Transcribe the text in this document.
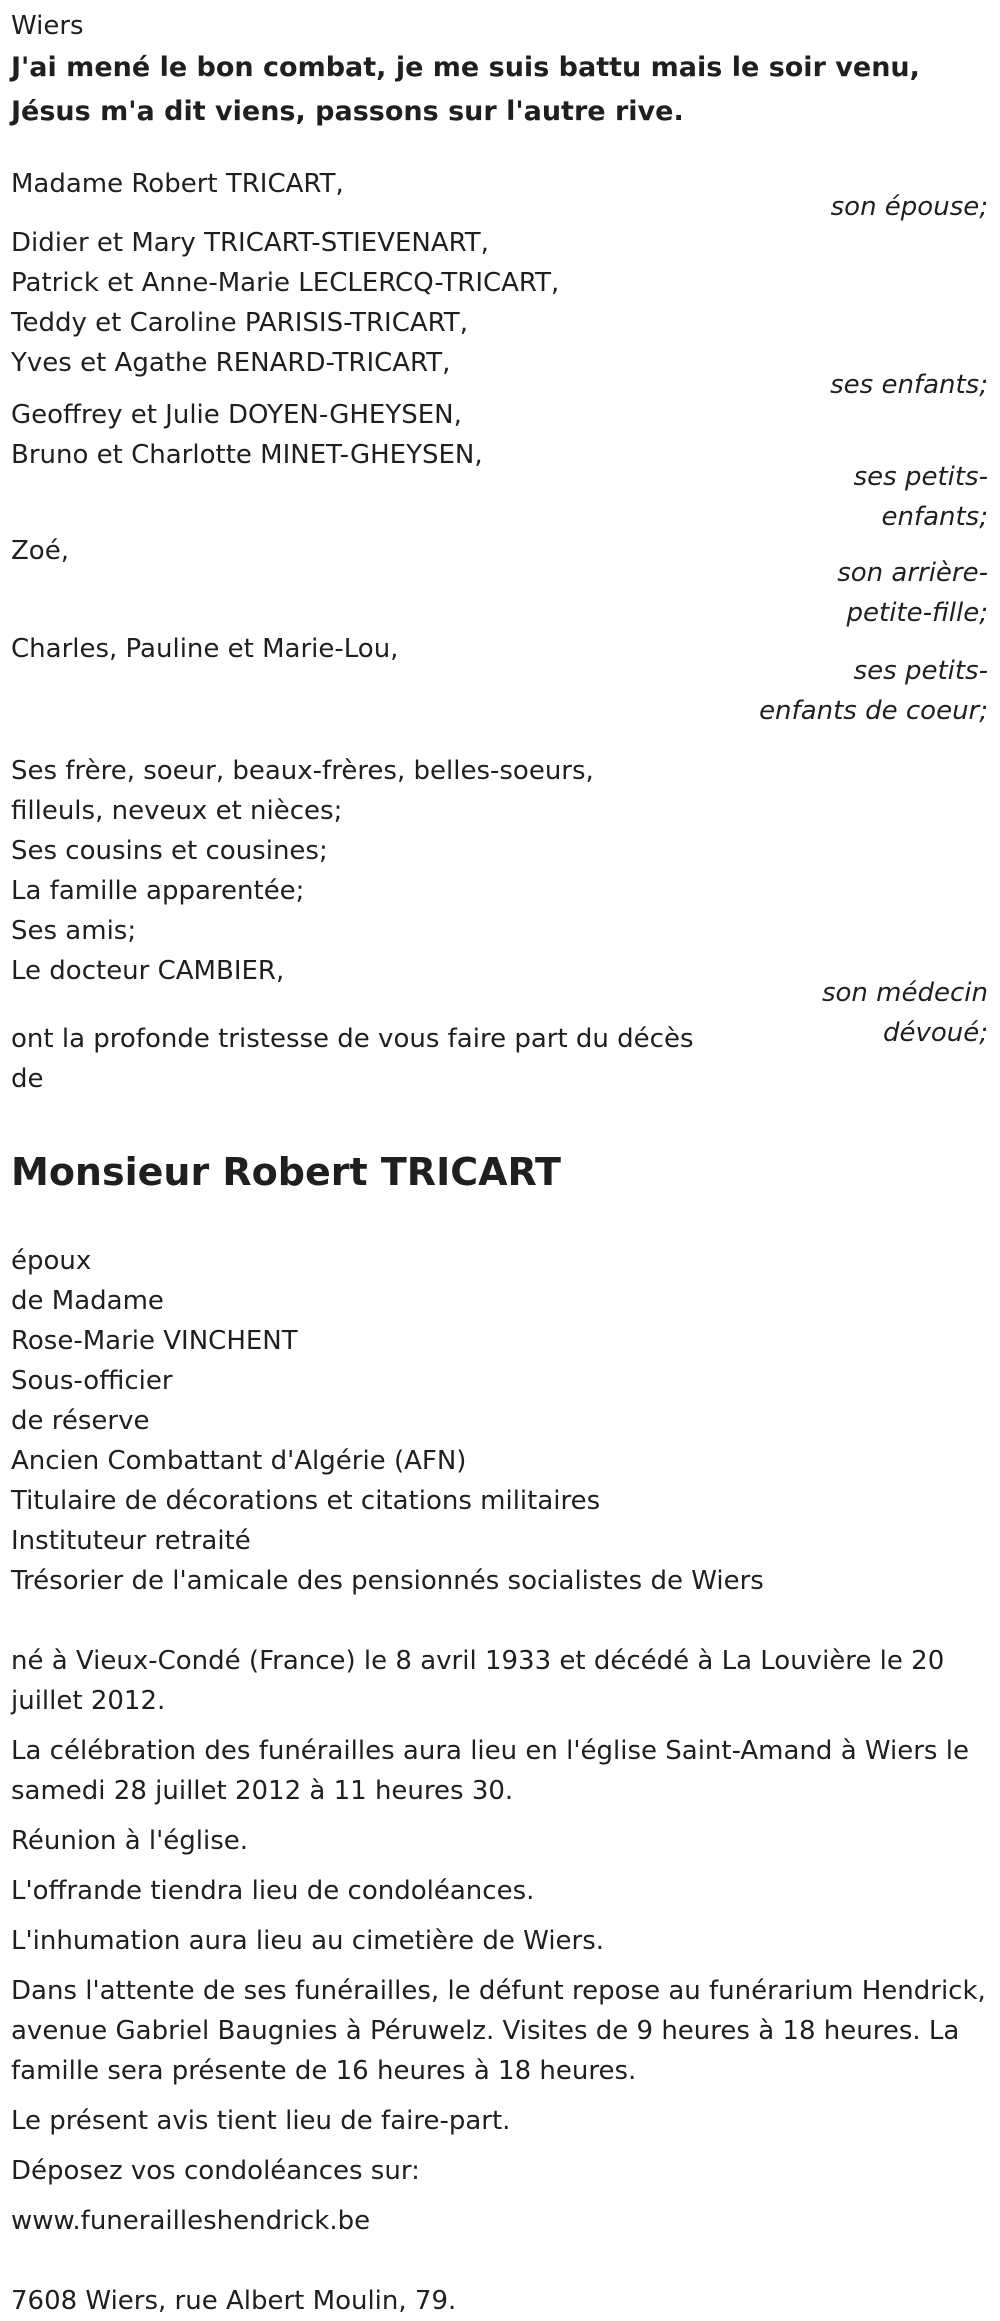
Wiers
J'ai mené le bon combat, je me suis battu mais le soir venu, Jésus m'a dit viens, passons sur l'autre rive.
Madame Robert TRICART,
son épouse;
Didier et Mary TRICART-STIEVENART,
Patrick et Anne-Marie LECLERCQ-TRICART,
Teddy et Caroline PARISIS-TRICART,
Yves et Agathe RENARD-TRICART,
ses enfants;
Geoffrey et Julie DOYEN-GHEYSEN,
Bruno et Charlotte MINET-GHEYSEN,
ses petits-enfants;
Zoé,
son arrière-petite-fille;
Charles, Pauline et Marie-Lou,
ses petits-enfants de coeur;
Ses frère, soeur, beaux-frères, belles-soeurs,
filleuls, neveux et nièces;
Ses cousins et cousines;
La famille apparentée;
Ses amis;
Le docteur CAMBIER,
son médecin dévoué;
ont la profonde tristesse de vous faire part du décès
de
Monsieur Robert TRICART
époux
de Madame
Rose-Marie VINCHENT
Sous-officier
de réserve
Ancien Combattant d'Algérie (AFN)
Titulaire de décorations et citations militaires
Instituteur retraité
Trésorier de l'amicale des pensionnés socialistes de Wiers
né à Vieux-Condé (France) le 8 avril 1933 et décédé à La Louvière le 20 juillet 2012.
La célébration des funérailles aura lieu en l'église Saint-Amand à Wiers le samedi 28 juillet 2012 à 11 heures 30.
Réunion à l'église.
L'offrande tiendra lieu de condoléances.
L'inhumation aura lieu au cimetière de Wiers.
Dans l'attente de ses funérailles, le défunt repose au funérarium Hendrick, avenue Gabriel Baugnies à Péruwelz. Visites de 9 heures à 18 heures. La famille sera présente de 16 heures à 18 heures.
Le présent avis tient lieu de faire-part.
Déposez vos condoléances sur:
www.funerailleshendrick.be
7608 Wiers, rue Albert Moulin, 79.
